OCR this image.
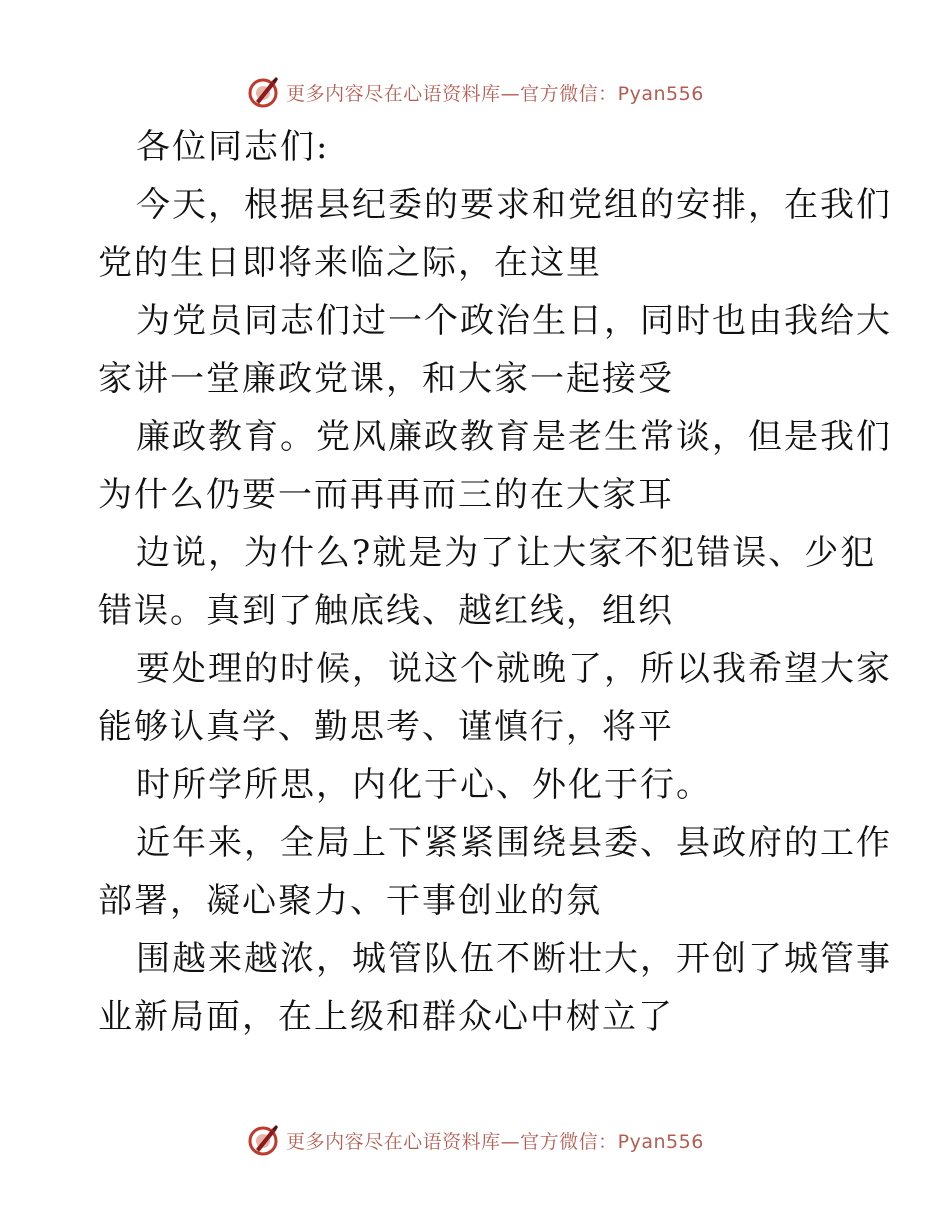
更多内容尽在心语资料库—官方微信：Pyan556
各位同志们:
今天，根据县纪委的要求和党组的安排，在我们
党的生日即将来临之际，在这里
为党员同志们过一个政治生日，同时也由我给大
家讲一堂廉政党课，和大家一起接受
廉政教育。党风廉政教育是老生常谈，但是我们
为什么仍要一而再再而三的在大家耳
边说，为什么?就是为了让大家不犯错误、少犯
错误。真到了触底线、越红线，组织
要处理的时候，说这个就晚了，所以我希望大家
能够认真学、勤思考、谨慎行，将平
时所学所思，内化于心、外化于行。
近年来，全局上下紧紧围绕县委、县政府的工作
部署，凝心聚力、干事创业的氛
围越来越浓，城管队伍不断壮大，开创了城管事
业新局面，在上级和群众心中树立了
更多内容尽在心语资料库—官方微信：Pyan556
